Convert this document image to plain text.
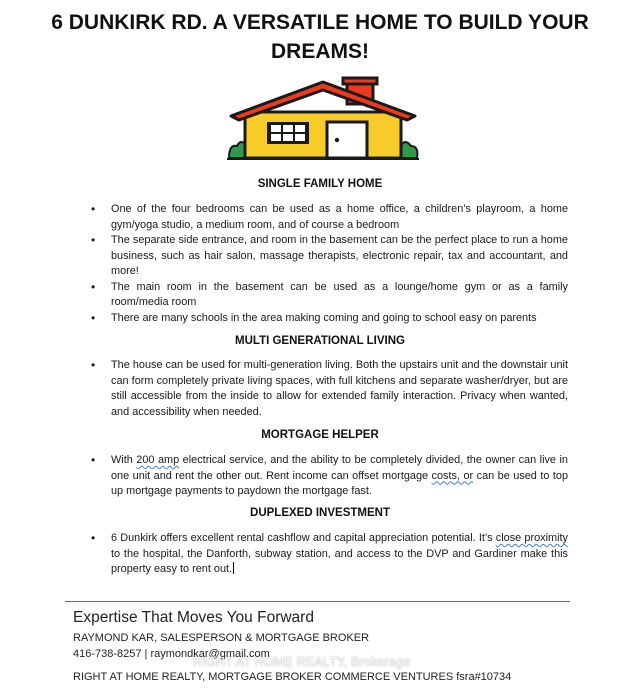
6 DUNKIRK RD. A VERSATILE HOME TO BUILD YOUR DREAMS!
SINGLE FAMILY HOME
• One of the four bedrooms can be used as a home office, a children’s playroom, a home gym/yoga studio, a medium room, and of course a bedroom
• The separate side entrance, and room in the basement can be the perfect place to run a home business, such as hair salon, massage therapists, electronic repair, tax and accountant, and more!
• The main room in the basement can be used as a lounge/home gym or as a family room/media room
• There are many schools in the area making coming and going to school easy on parents
MULTI GENERATIONAL LIVING
• The house can be used for multi-generation living. Both the upstairs unit and the downstair unit can form completely private living spaces, with full kitchens and separate washer/dryer, but are still accessible from the inside to allow for extended family interaction. Privacy when wanted, and accessibility when needed.
MORTGAGE HELPER
• With 200 amp electrical service, and the ability to be completely divided, the owner can live in one unit and rent the other out. Rent income can offset mortgage costs, or can be used to top up mortgage payments to paydown the mortgage fast.
DUPLEXED INVESTMENT
• 6 Dunkirk offers excellent rental cashflow and capital appreciation potential. It’s close proximity to the hospital, the Danforth, subway station, and access to the DVP and Gardiner make this property easy to rent out.
Expertise That Moves You Forward
RAYMOND KAR, SALESPERSON & MORTGAGE BROKER
416-738-8257 | raymondkar@gmail.com
RIGHT AT HOME REALTY, Brokerage
RIGHT AT HOME REALTY, MORTGAGE BROKER COMMERCE VENTURES fsra#10734
